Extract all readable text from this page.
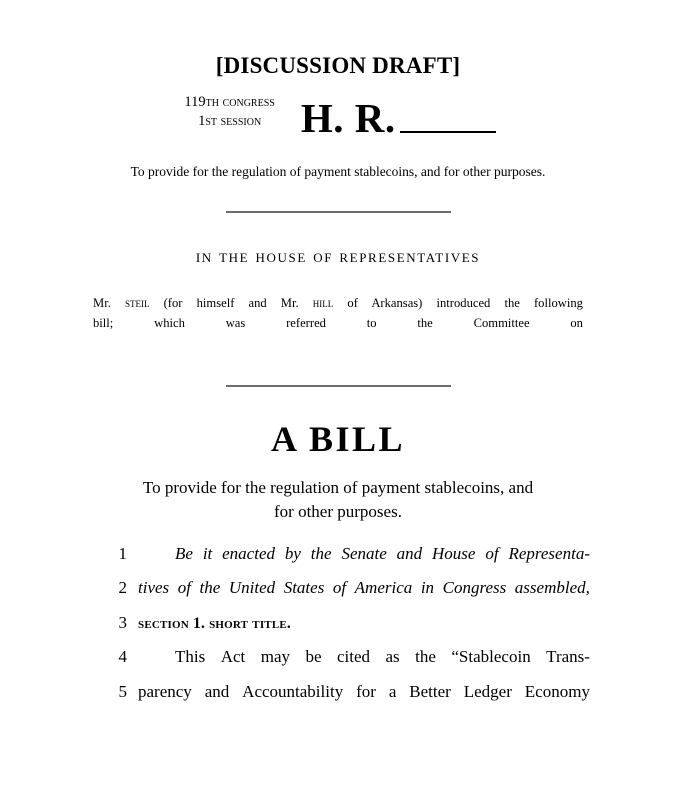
[DISCUSSION DRAFT]
119th congress
1st session H. R.
To provide for the regulation of payment stablecoins, and for other purposes.
in the house of representatives
Mr. steil (for himself and Mr. hill of Arkansas) introduced the following
bill;	which	was	referred	to	the	Committee	on
A BILL
To provide for the regulation of payment stablecoins, and
for other purposes.
1	Be it enacted by the Senate and House of Representa-
2 tives of the United States of America in Congress assembled,
3 section 1. short title.
4	This Act may be cited as the “Stablecoin Trans-
5 parency and Accountability for a Better Ledger Economy
